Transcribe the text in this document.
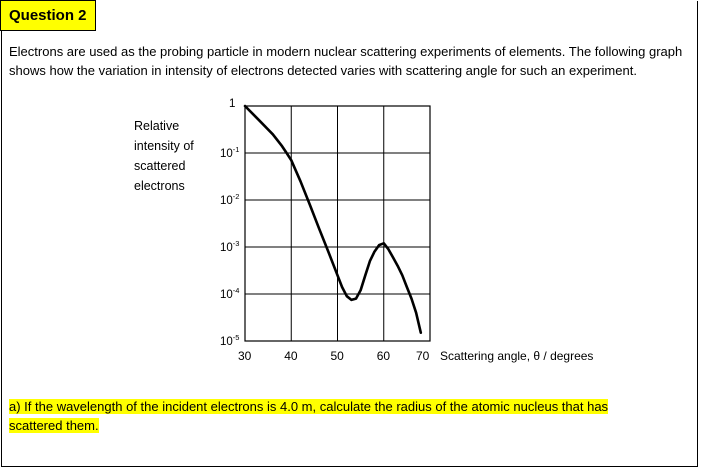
Question 2
Electrons are used as the probing particle in modern nuclear scattering experiments of elements. The following graph shows how the variation in intensity of electrons detected varies with scattering angle for such an experiment.
Relative intensity of scattered electrons
1
$10^{-1}$
$10^{-2}$
$10^{-3}$
$10^{-4}$
$10^{-5}$
30	40	50	60 70 Scattering angle, θ / degrees
a) If the wavelength of the incident electrons is 4.0 m, calculate the radius of the atomic nucleus that has scattered them.
